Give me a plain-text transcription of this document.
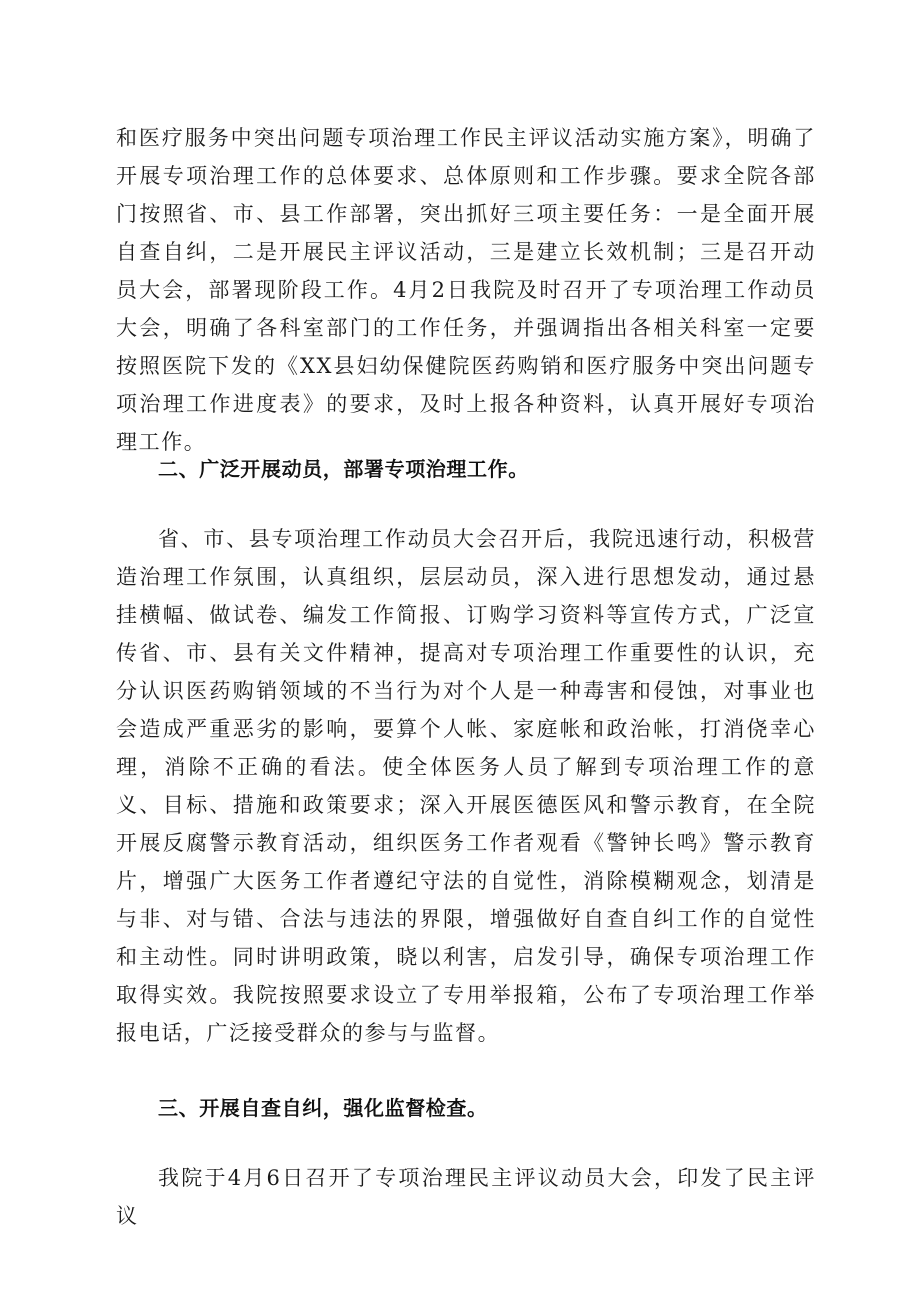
和医疗服务中突出问题专项治理工作民主评议活动实施方案》，明确了开展专项治理工作的总体要求、总体原则和工作步骤。要求全院各部门按照省、市、县工作部署，突出抓好三项主要任务：一是全面开展自查自纠，二是开展民主评议活动，三是建立长效机制；三是召开动员大会，部署现阶段工作。4月2日我院及时召开了专项治理工作动员大会，明确了各科室部门的工作任务，并强调指出各相关科室一定要按照医院下发的《XX县妇幼保健院医药购销和医疗服务中突出问题专项治理工作进度表》的要求，及时上报各种资料，认真开展好专项治理工作。

二、广泛开展动员，部署专项治理工作。

省、市、县专项治理工作动员大会召开后，我院迅速行动，积极营造治理工作氛围，认真组织，层层动员，深入进行思想发动，通过悬挂横幅、做试卷、编发工作简报、订购学习资料等宣传方式，广泛宣传省、市、县有关文件精神，提高对专项治理工作重要性的认识，充分认识医药购销领域的不当行为对个人是一种毒害和侵蚀，对事业也会造成严重恶劣的影响，要算个人帐、家庭帐和政治帐，打消侥幸心理，消除不正确的看法。使全体医务人员了解到专项治理工作的意义、目标、措施和政策要求；深入开展医德医风和警示教育，在全院开展反腐警示教育活动，组织医务工作者观看《警钟长鸣》警示教育片，增强广大医务工作者遵纪守法的自觉性，消除模糊观念，划清是与非、对与错、合法与违法的界限，增强做好自查自纠工作的自觉性和主动性。同时讲明政策，晓以利害，启发引导，确保专项治理工作取得实效。我院按照要求设立了专用举报箱，公布了专项治理工作举报电话，广泛接受群众的参与与监督。

三、开展自查自纠，强化监督检查。

我院于4月6日召开了专项治理民主评议动员大会，印发了民主评议
